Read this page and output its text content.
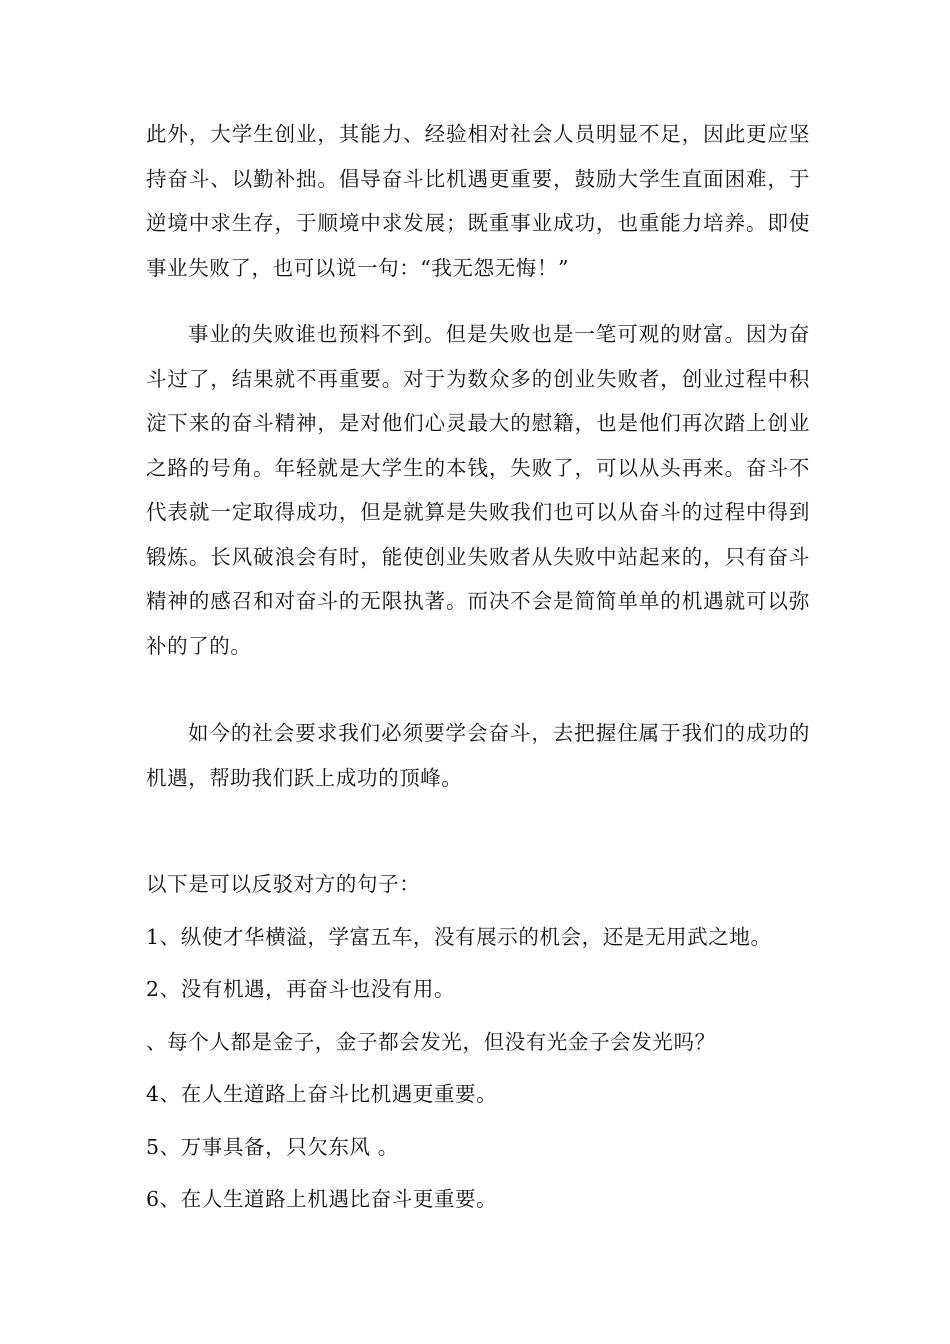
此外，大学生创业，其能力、经验相对社会人员明显不足，因此更应坚持奋斗、以勤补拙。倡导奋斗比机遇更重要，鼓励大学生直面困难，于逆境中求生存，于顺境中求发展；既重事业成功，也重能力培养。即使事业失败了，也可以说一句：“我无怨无悔！”

事业的失败谁也预料不到。但是失败也是一笔可观的财富。因为奋斗过了，结果就不再重要。对于为数众多的创业失败者，创业过程中积淀下来的奋斗精神，是对他们心灵最大的慰籍，也是他们再次踏上创业之路的号角。年轻就是大学生的本钱，失败了，可以从头再来。奋斗不代表就一定取得成功，但是就算是失败我们也可以从奋斗的过程中得到锻炼。长风破浪会有时，能使创业失败者从失败中站起来的，只有奋斗精神的感召和对奋斗的无限执著。而决不会是简简单单的机遇就可以弥补的了的。

如今的社会要求我们必须要学会奋斗，去把握住属于我们的成功的机遇，帮助我们跃上成功的顶峰。

以下是可以反驳对方的句子：
1、纵使才华横溢，学富五车，没有展示的机会，还是无用武之地。
2、没有机遇，再奋斗也没有用。
、每个人都是金子，金子都会发光，但没有光金子会发光吗？
4、在人生道路上奋斗比机遇更重要。
5、万事具备，只欠东风 。
6、在人生道路上机遇比奋斗更重要。
